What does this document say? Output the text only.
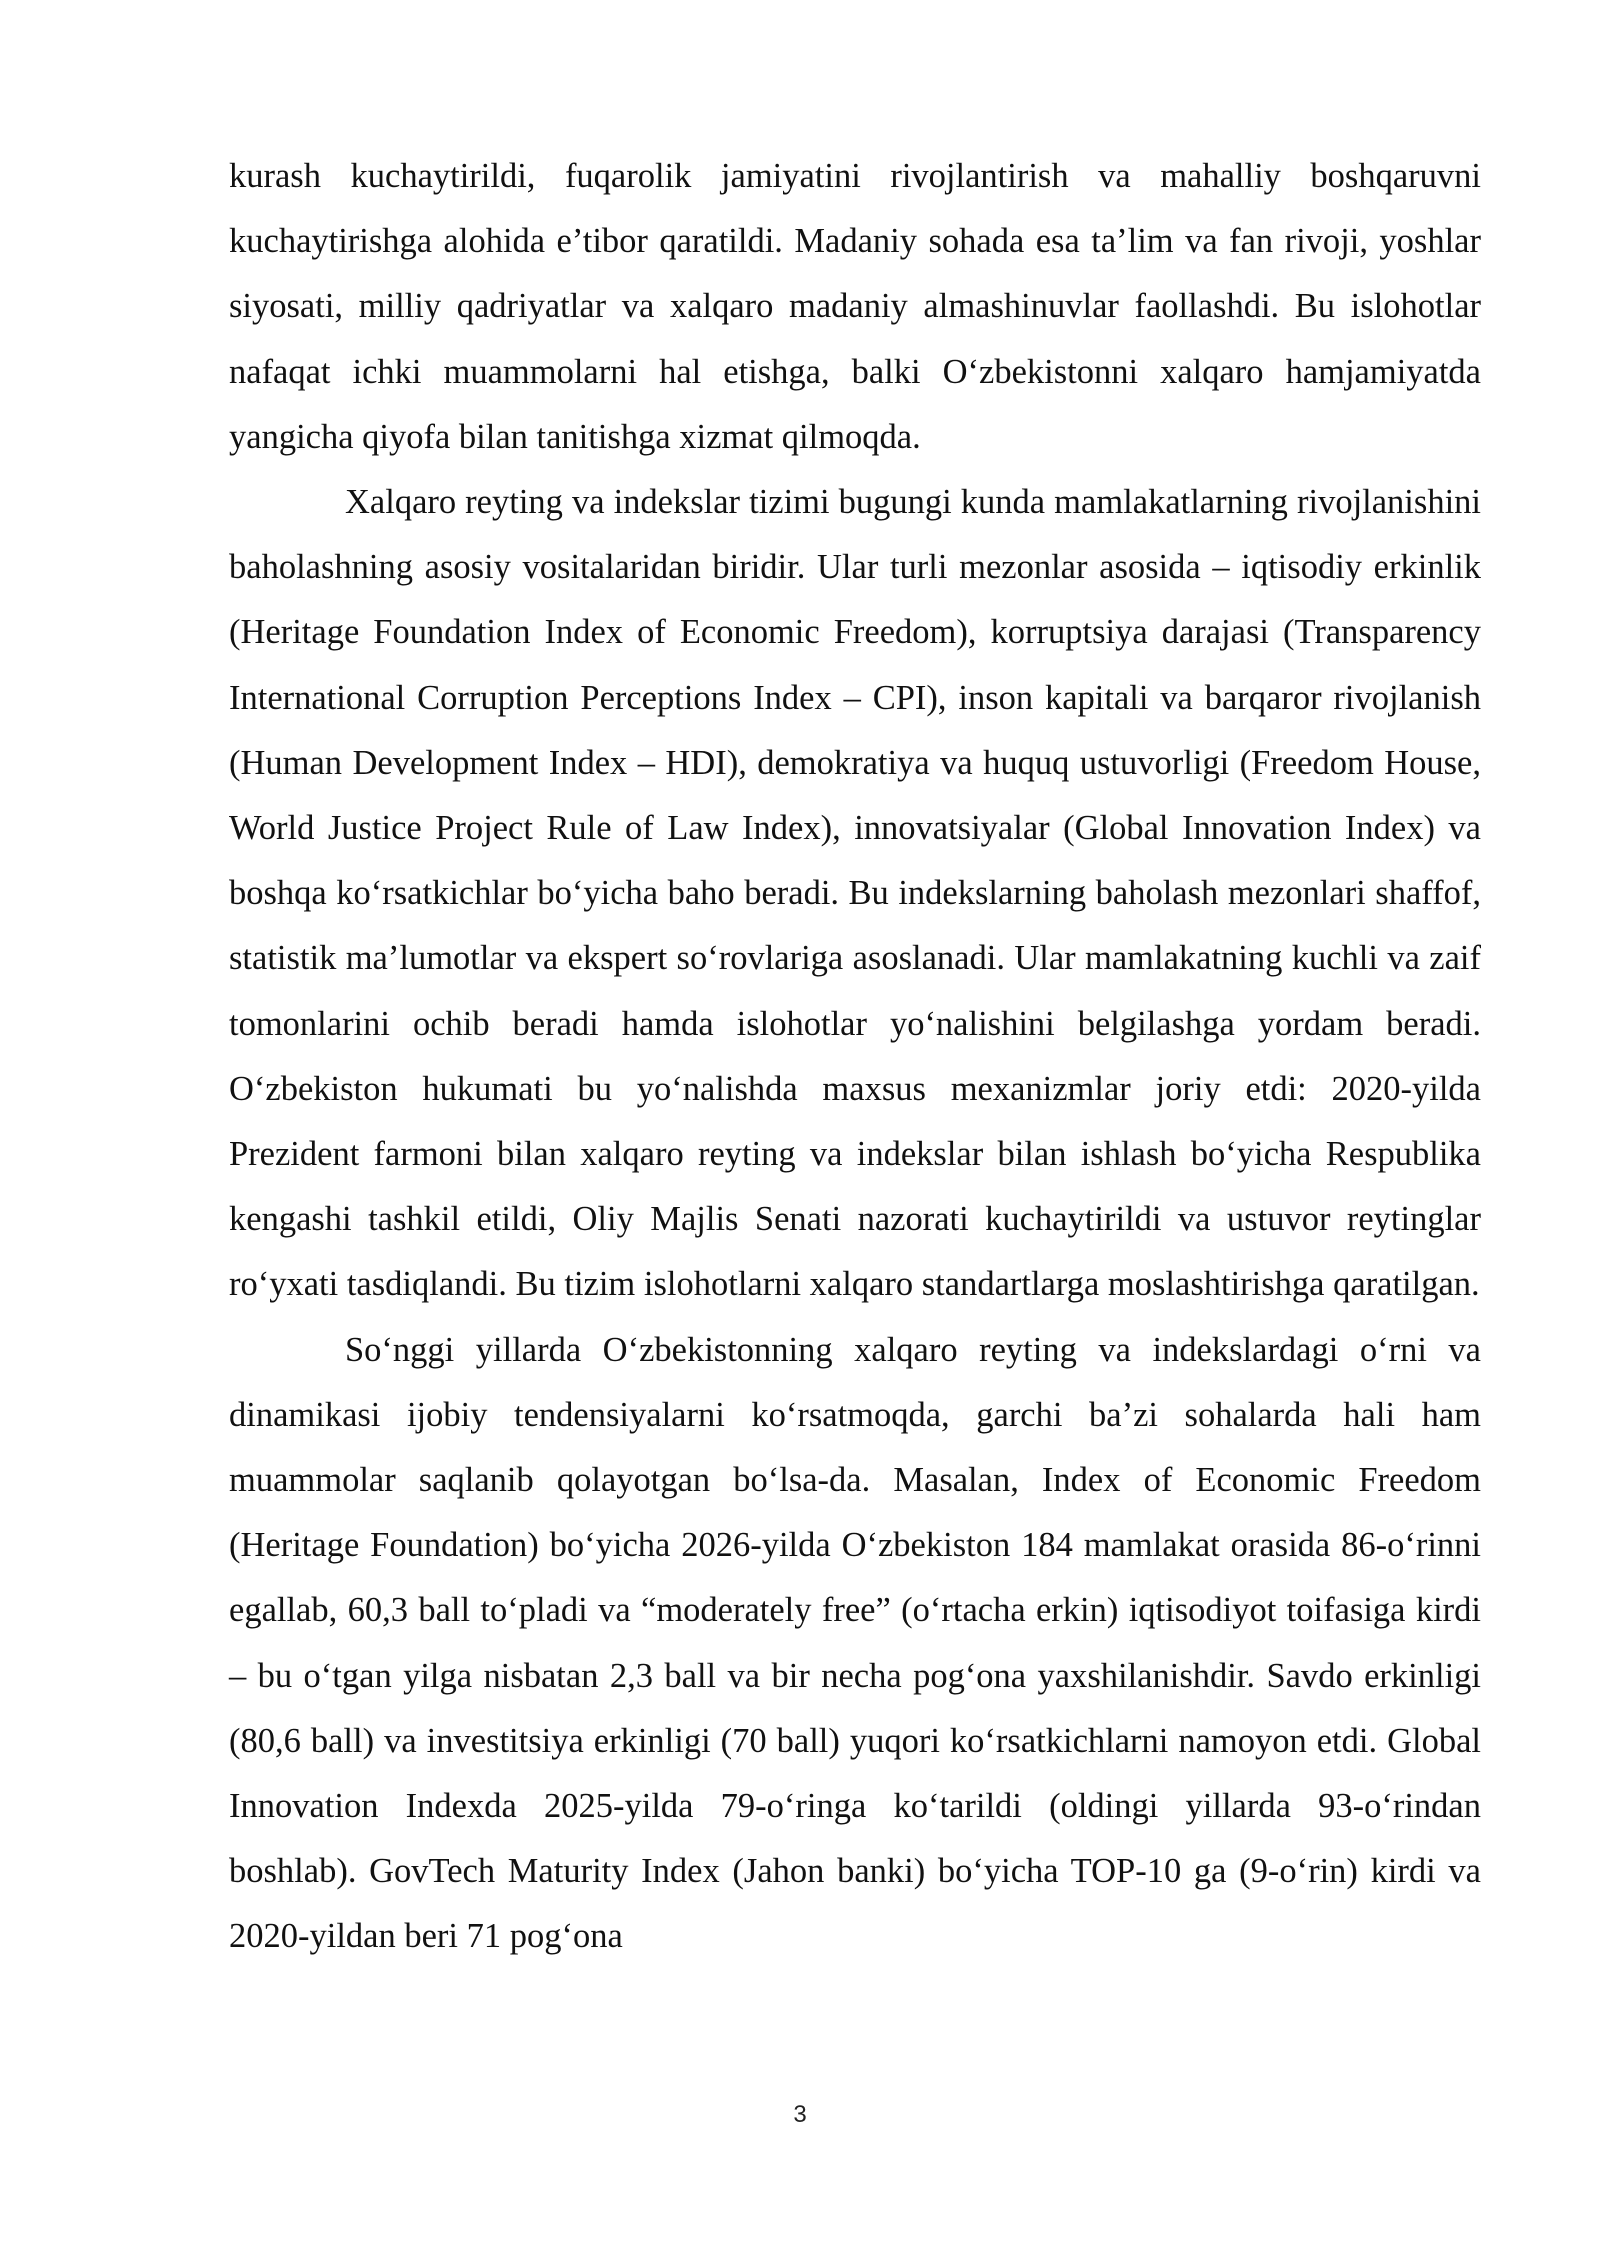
kurash kuchaytirildi, fuqarolik jamiyatini rivojlantirish va mahalliy boshqaruvni kuchaytirishga alohida e’tibor qaratildi. Madaniy sohada esa ta’lim va fan rivoji, yoshlar siyosati, milliy qadriyatlar va xalqaro madaniy almashinuvlar faollashdi. Bu islohotlar nafaqat ichki muammolarni hal etishga, balki O‘zbekistonni xalqaro hamjamiyatda yangicha qiyofa bilan tanitishga xizmat qilmoqda.

Xalqaro reyting va indekslar tizimi bugungi kunda mamlakatlarning rivojlanishini baholashning asosiy vositalaridan biridir. Ular turli mezonlar asosida – iqtisodiy erkinlik (Heritage Foundation Index of Economic Freedom), korruptsiya darajasi (Transparency International Corruption Perceptions Index – CPI), inson kapitali va barqaror rivojlanish (Human Development Index – HDI), demokratiya va huquq ustuvorligi (Freedom House, World Justice Project Rule of Law Index), innovatsiyalar (Global Innovation Index) va boshqa ko‘rsatkichlar bo‘yicha baho beradi. Bu indekslarning baholash mezonlari shaffof, statistik ma’lumotlar va ekspert so‘rovlariga asoslanadi. Ular mamlakatning kuchli va zaif tomonlarini ochib beradi hamda islohotlar yo‘nalishini belgilashga yordam beradi. O‘zbekiston hukumati bu yo‘nalishda maxsus mexanizmlar joriy etdi: 2020-yilda Prezident farmoni bilan xalqaro reyting va indekslar bilan ishlash bo‘yicha Respublika kengashi tashkil etildi, Oliy Majlis Senati nazorati kuchaytirildi va ustuvor reytinglar ro‘yxati tasdiqlandi. Bu tizim islohotlarni xalqaro standartlarga moslashtirishga qaratilgan.

So‘nggi yillarda O‘zbekistonning xalqaro reyting va indekslardagi o‘rni va dinamikasi ijobiy tendensiyalarni ko‘rsatmoqda, garchi ba’zi sohalarda hali ham muammolar saqlanib qolayotgan bo‘lsa-da. Masalan, Index of Economic Freedom (Heritage Foundation) bo‘yicha 2026-yilda O‘zbekiston 184 mamlakat orasida 86-o‘rinni egallab, 60,3 ball to‘pladi va “moderately free” (o‘rtacha erkin) iqtisodiyot toifasiga kirdi – bu o‘tgan yilga nisbatan 2,3 ball va bir necha pog‘ona yaxshilanishdir. Savdo erkinligi (80,6 ball) va investitsiya erkinligi (70 ball) yuqori ko‘rsatkichlarni namoyon etdi. Global Innovation Indexda 2025-yilda 79-o‘ringa ko‘tarildi (oldingi yillarda 93-o‘rindan boshlab). GovTech Maturity Index (Jahon banki) bo‘yicha TOP-10 ga (9-o‘rin) kirdi va 2020-yildan beri 71 pog‘ona

3
